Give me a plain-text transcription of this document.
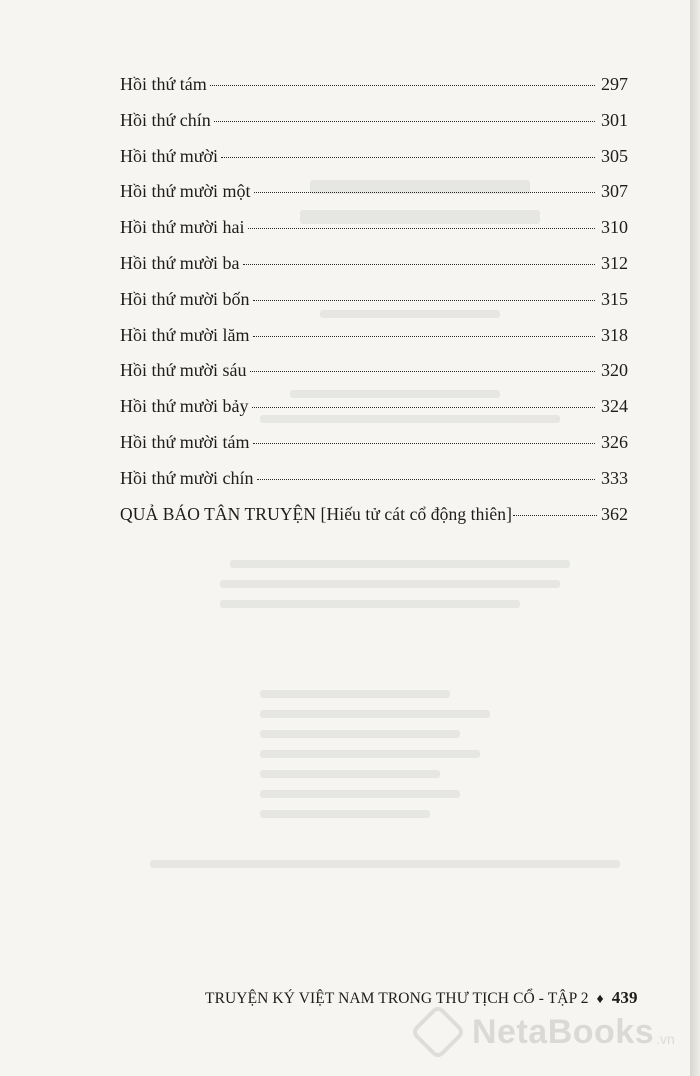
Hồi thứ tám	297
Hồi thứ chín	301
Hồi thứ mười	305
Hồi thứ mười một	307
Hồi thứ mười hai	310
Hồi thứ mười ba	312
Hồi thứ mười bốn	315
Hồi thứ mười lăm	318
Hồi thứ mười sáu	320
Hồi thứ mười bảy	324
Hồi thứ mười tám	326
Hồi thứ mười chín	333
QUẢ BÁO TÂN TRUYỆN [Hiếu tử cát cổ động thiên]	362
TRUYỆN KÝ VIỆT NAM TRONG THƯ TỊCH CỔ - TẬP 2 ♦ 439
NetaBooks .vn
